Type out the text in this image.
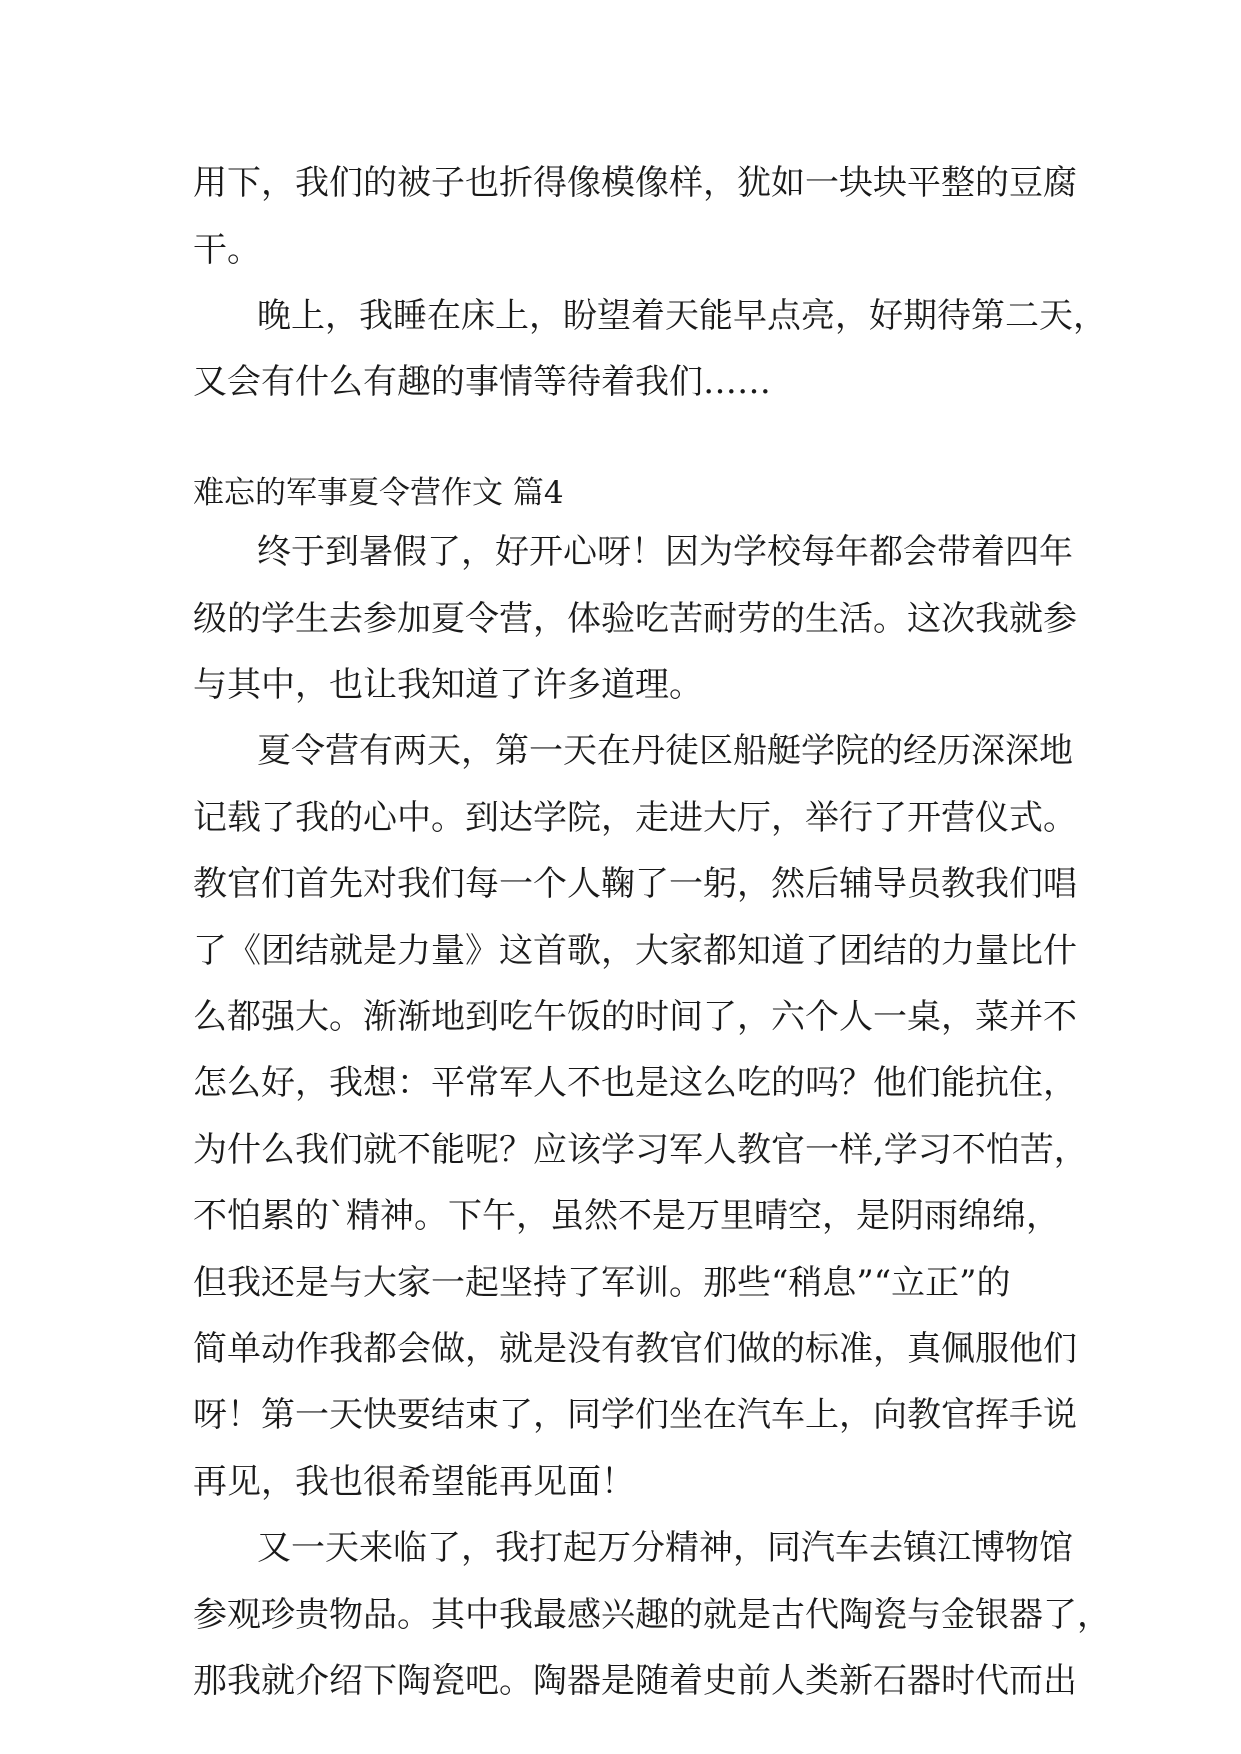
用下，我们的被子也折得像模像样，犹如一块块平整的豆腐
干。
晚上，我睡在床上，盼望着天能早点亮，好期待第二天，
又会有什么有趣的事情等待着我们……
难忘的军事夏令营作文 篇4
终于到暑假了，好开心呀！因为学校每年都会带着四年
级的学生去参加夏令营，体验吃苦耐劳的生活。这次我就参
与其中，也让我知道了许多道理。
夏令营有两天，第一天在丹徒区船艇学院的经历深深地
记载了我的心中。到达学院，走进大厅，举行了开营仪式。
教官们首先对我们每一个人鞠了一躬，然后辅导员教我们唱
了《团结就是力量》这首歌，大家都知道了团结的力量比什
么都强大。渐渐地到吃午饭的时间了，六个人一桌，菜并不
怎么好，我想：平常军人不也是这么吃的吗？他们能抗住，
为什么我们就不能呢？应该学习军人教官一样,学习不怕苦，
不怕累的`精神。下午，虽然不是万里晴空，是阴雨绵绵，
但我还是与大家一起坚持了军训。那些“稍息”“立正”的
简单动作我都会做，就是没有教官们做的标准，真佩服他们
呀！第一天快要结束了，同学们坐在汽车上，向教官挥手说
再见，我也很希望能再见面！
又一天来临了，我打起万分精神，同汽车去镇江博物馆
参观珍贵物品。其中我最感兴趣的就是古代陶瓷与金银器了，
那我就介绍下陶瓷吧。陶器是随着史前人类新石器时代而出
